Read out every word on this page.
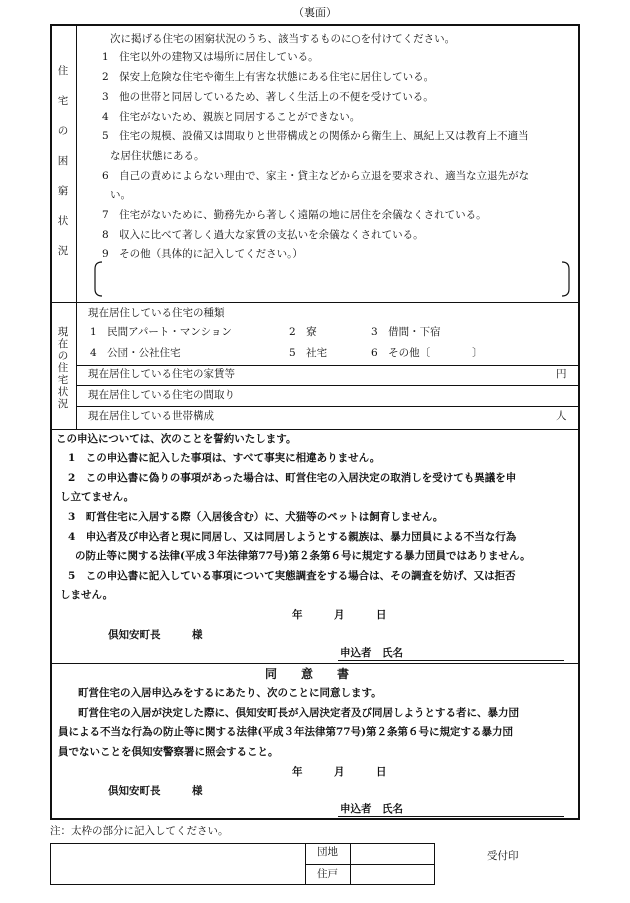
（裏面）
住
宅
の
困
窮
状
況
次に掲げる住宅の困窮状況のうち、該当するものに○を付けてください。
1　住宅以外の建物又は場所に居住している。
2　保安上危険な住宅や衛生上有害な状態にある住宅に居住している。
3　他の世帯と同居しているため、著しく生活上の不便を受けている。
4　住宅がないため、親族と同居することができない。
5　住宅の規模、設備又は間取りと世帯構成との関係から衛生上、風紀上又は教育上不適当
な居住状態にある。
6　自己の責めによらない理由で、家主・貸主などから立退を要求され、適当な立退先がな
い。
7　住宅がないために、勤務先から著しく遠隔の地に居住を余儀なくされている。
8　収入に比べて著しく過大な家賃の支払いを余儀なくされている。
9　その他（具体的に記入してください。）
現
在
の
住
宅
状
況
現在居住している住宅の種類
1　民間アパート・マンション	2　寮	3　借間・下宿
4　公団・公社住宅	5　社宅	6　その他〔　　　　〕
現在居住している住宅の家賃等	円
現在居住している住宅の間取り
現在居住している世帯構成	人
この申込については、次のことを誓約いたします。
1　この申込書に記入した事項は、すべて事実に相違ありません。
2　この申込書に偽りの事項があった場合は、町営住宅の入居決定の取消しを受けても異議を申
し立てません。
3　町営住宅に入居する際（入居後含む）に、犬猫等のペットは飼育しません。
4　申込者及び申込者と現に同居し、又は同居しようとする親族は、暴力団員による不当な行為
の防止等に関する法律(平成３年法律第77号)第２条第６号に規定する暴力団員ではありません。
5　この申込書に記入している事項について実態調査をする場合は、その調査を妨げ、又は拒否
しません。
年　　　月　　　日
倶知安町長　　　様
申込者　氏名
同　　意　　書
町営住宅の入居申込みをするにあたり、次のことに同意します。
町営住宅の入居が決定した際に、倶知安町長が入居決定者及び同居しようとする者に、暴力団
員による不当な行為の防止等に関する法律(平成３年法律第77号)第２条第６号に規定する暴力団
員でないことを倶知安警察署に照会すること。
年　　　月　　　日
倶知安町長　　　様
申込者　氏名
注：太枠の部分に記入してください。
団地
住戸
受付印
